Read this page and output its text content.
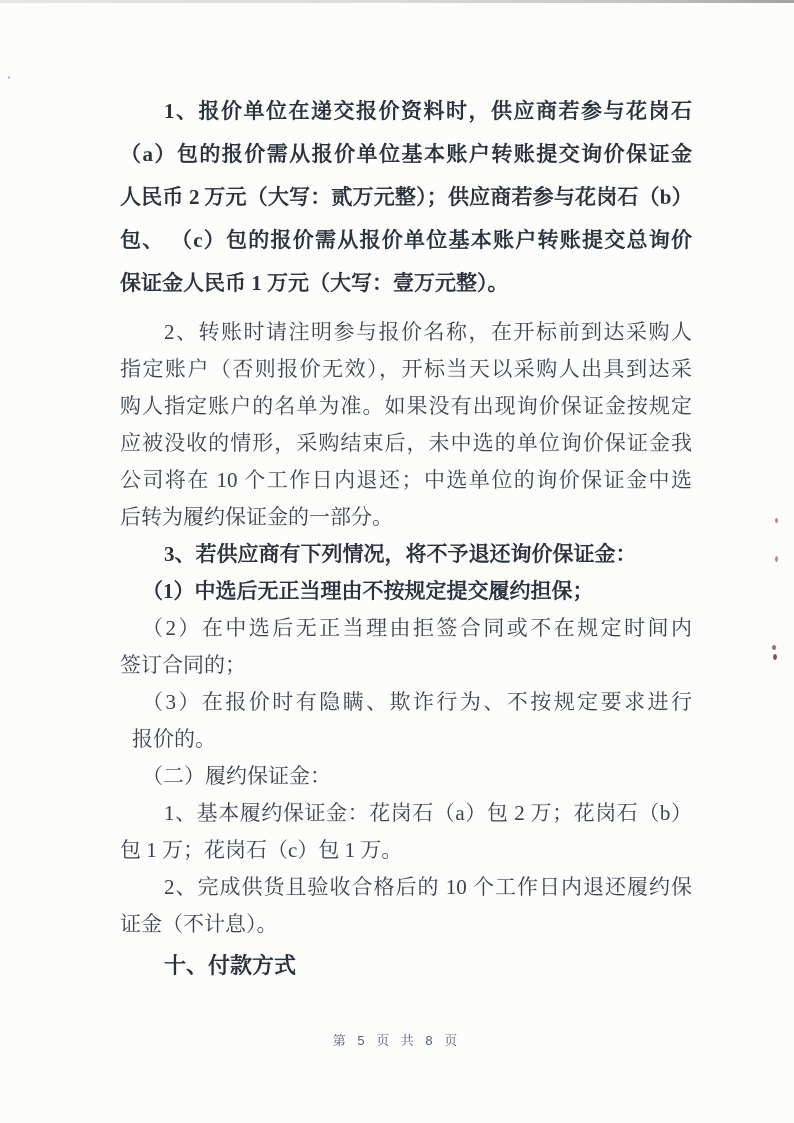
1、报价单位在递交报价资料时，供应商若参与花岗石
（a）包的报价需从报价单位基本账户转账提交询价保证金
人民币 2 万元（大写：贰万元整）；供应商若参与花岗石（b）
包、 （c）包的报价需从报价单位基本账户转账提交总询价
保证金人民币 1 万元（大写：壹万元整）。
2、转账时请注明参与报价名称，在开标前到达采购人
指定账户（否则报价无效），开标当天以采购人出具到达采
购人指定账户的名单为准。如果没有出现询价保证金按规定
应被没收的情形，采购结束后，未中选的单位询价保证金我
公司将在 10 个工作日内退还；中选单位的询价保证金中选
后转为履约保证金的一部分。
3、若供应商有下列情况，将不予退还询价保证金：
（1）中选后无正当理由不按规定提交履约担保；
（2）在中选后无正当理由拒签合同或不在规定时间内
签订合同的；
（3）在报价时有隐瞒、欺诈行为、不按规定要求进行
报价的。
（二）履约保证金：
1、基本履约保证金：花岗石（a）包 2 万；花岗石（b）
包 1 万；花岗石（c）包 1 万。
2、完成供货且验收合格后的 10 个工作日内退还履约保
证金（不计息）。
十、付款方式
第 5 页 共 8 页
